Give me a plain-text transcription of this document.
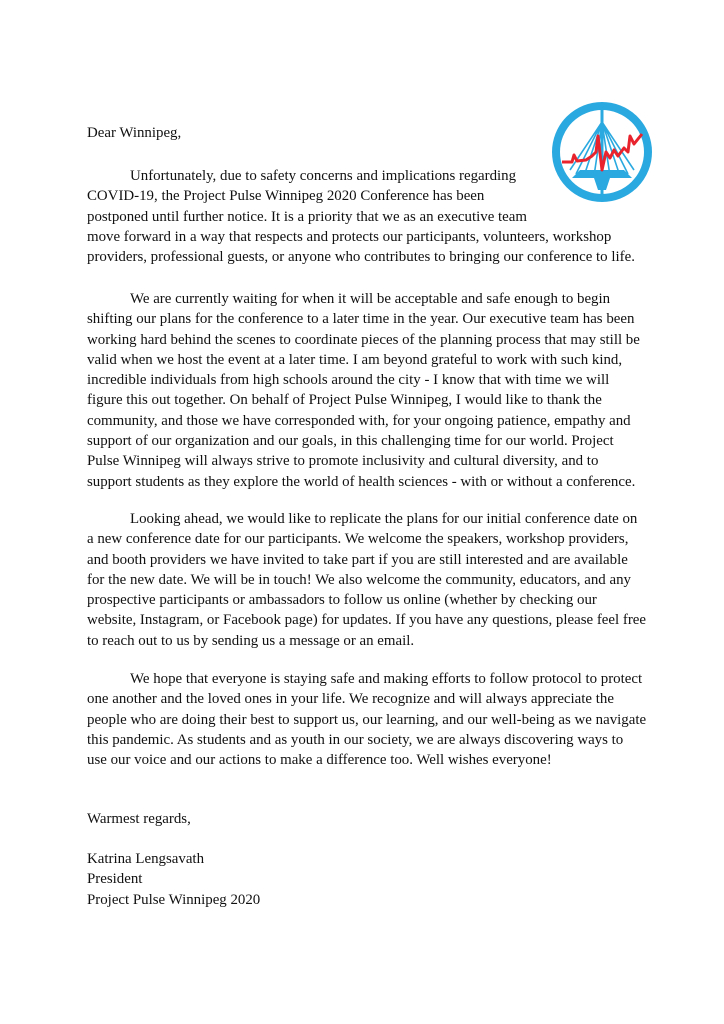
Dear Winnipeg,
Unfortunately, due to safety concerns and implications regarding
COVID-19, the Project Pulse Winnipeg 2020 Conference has been
postponed until further notice. It is a priority that we as an executive team
move forward in a way that respects and protects our participants, volunteers, workshop
providers, professional guests, or anyone who contributes to bringing our conference to life.
We are currently waiting for when it will be acceptable and safe enough to begin
shifting our plans for the conference to a later time in the year. Our executive team has been
working hard behind the scenes to coordinate pieces of the planning process that may still be
valid when we host the event at a later time. I am beyond grateful to work with such kind,
incredible individuals from high schools around the city - I know that with time we will
figure this out together. On behalf of Project Pulse Winnipeg, I would like to thank the
community, and those we have corresponded with, for your ongoing patience, empathy and
support of our organization and our goals, in this challenging time for our world. Project
Pulse Winnipeg will always strive to promote inclusivity and cultural diversity, and to
support students as they explore the world of health sciences - with or without a conference.
Looking ahead, we would like to replicate the plans for our initial conference date on
a new conference date for our participants. We welcome the speakers, workshop providers,
and booth providers we have invited to take part if you are still interested and are available
for the new date. We will be in touch! We also welcome the community, educators, and any
prospective participants or ambassadors to follow us online (whether by checking our
website, Instagram, or Facebook page) for updates. If you have any questions, please feel free
to reach out to us by sending us a message or an email.
We hope that everyone is staying safe and making efforts to follow protocol to protect
one another and the loved ones in your life. We recognize and will always appreciate the
people who are doing their best to support us, our learning, and our well-being as we navigate
this pandemic. As students and as youth in our society, we are always discovering ways to
use our voice and our actions to make a difference too. Well wishes everyone!
Warmest regards,
Katrina Lengsavath
President
Project Pulse Winnipeg 2020
